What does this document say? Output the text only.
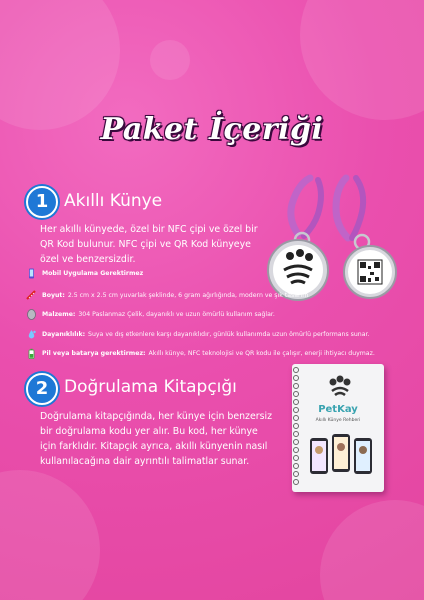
Paket İçeriği
1 Akıllı Künye
Her akıllı künyede, özel bir NFC çipi ve özel bir QR Kod bulunur. NFC çipi ve QR Kod künyeye özel ve benzersizdir.
Mobil Uygulama Gerektirmez
Boyut: 2.5 cm x 2.5 cm yuvarlak şeklinde, 6 gram ağırlığında, modern ve şık tasarım
Malzeme: 304 Paslanmaz Çelik, dayanıklı ve uzun ömürlü kullanım sağlar.
Dayanıklılık: Suya ve dış etkenlere karşı dayanıklıdır, günlük kullanımda uzun ömürlü performans sunar.
Pil veya batarya gerektirmez: Akıllı künye, NFC teknolojisi ve QR kodu ile çalışır, enerji ihtiyacı duymaz.
2 Doğrulama Kitapçığı
Doğrulama kitapçığında, her künye için benzersiz bir doğrulama kodu yer alır. Bu kod, her künye için farklıdır. Kitapçık ayrıca, akıllı künyenin nasıl kullanılacağına dair ayrıntılı talimatlar sunar.
PetKay
Akıllı Künye Rehberi
